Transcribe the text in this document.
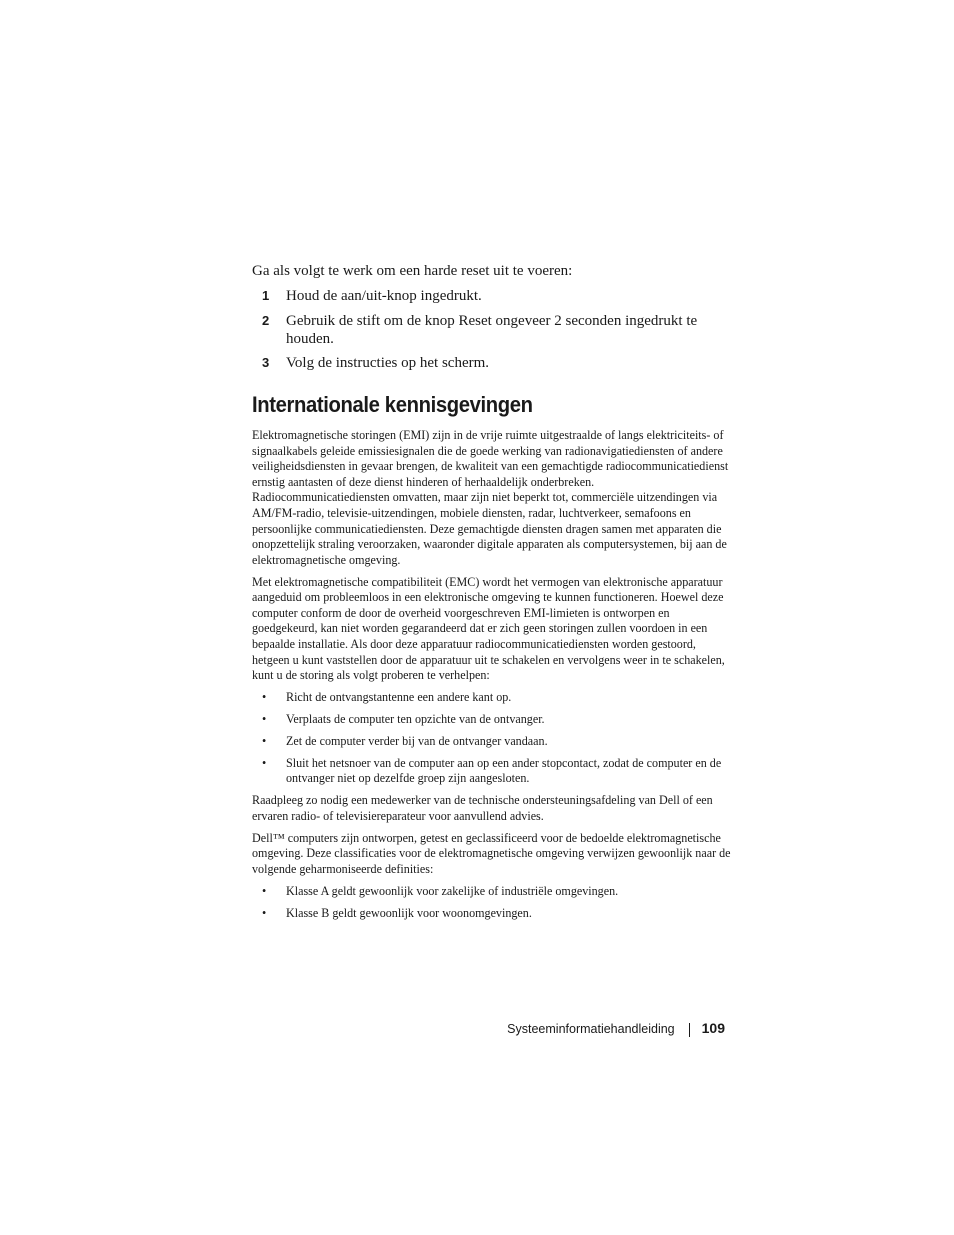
Ga als volgt te werk om een harde reset uit te voeren:

1 Houd de aan/uit-knop ingedrukt.
2 Gebruik de stift om de knop Reset ongeveer 2 seconden ingedrukt te houden.
3 Volg de instructies op het scherm.
Internationale kennisgevingen

Elektromagnetische storingen (EMI) zijn in de vrije ruimte uitgestraalde of langs elektriciteits- of signaalkabels geleide emissiesignalen die de goede werking van radionavigatiediensten of andere veiligheidsdiensten in gevaar brengen, de kwaliteit van een gemachtigde radiocommunicatiedienst ernstig aantasten of deze dienst hinderen of herhaaldelijk onderbreken. Radiocommunicatiediensten omvatten, maar zijn niet beperkt tot, commerciële uitzendingen via AM/FM-radio, televisie-uitzendingen, mobiele diensten, radar, luchtverkeer, semafoons en persoonlijke communicatiediensten. Deze gemachtigde diensten dragen samen met apparaten die onopzettelijk straling veroorzaken, waaronder digitale apparaten als computersystemen, bij aan de elektromagnetische omgeving.

Met elektromagnetische compatibiliteit (EMC) wordt het vermogen van elektronische apparatuur aangeduid om probleemloos in een elektronische omgeving te kunnen functioneren. Hoewel deze computer conform de door de overheid voorgeschreven EMI-limieten is ontworpen en goedgekeurd, kan niet worden gegarandeerd dat er zich geen storingen zullen voordoen in een bepaalde installatie. Als door deze apparatuur radiocommunicatiediensten worden gestoord, hetgeen u kunt vaststellen door de apparatuur uit te schakelen en vervolgens weer in te schakelen, kunt u de storing als volgt proberen te verhelpen:

• Richt de ontvangstantenne een andere kant op.
• Verplaats de computer ten opzichte van de ontvanger.
• Zet de computer verder bij van de ontvanger vandaan.
• Sluit het netsnoer van de computer aan op een ander stopcontact, zodat de computer en de ontvanger niet op dezelfde groep zijn aangesloten.

Raadpleeg zo nodig een medewerker van de technische ondersteuningsafdeling van Dell of een ervaren radio- of televisiereparateur voor aanvullend advies.

Dell™ computers zijn ontworpen, getest en geclassificeerd voor de bedoelde elektromagnetische omgeving. Deze classificaties voor de elektromagnetische omgeving verwijzen gewoonlijk naar de volgende geharmoniseerde definities:

• Klasse A geldt gewoonlijk voor zakelijke of industriële omgevingen.
• Klasse B geldt gewoonlijk voor woonomgevingen.
Systeeminformatiehandleiding 109
